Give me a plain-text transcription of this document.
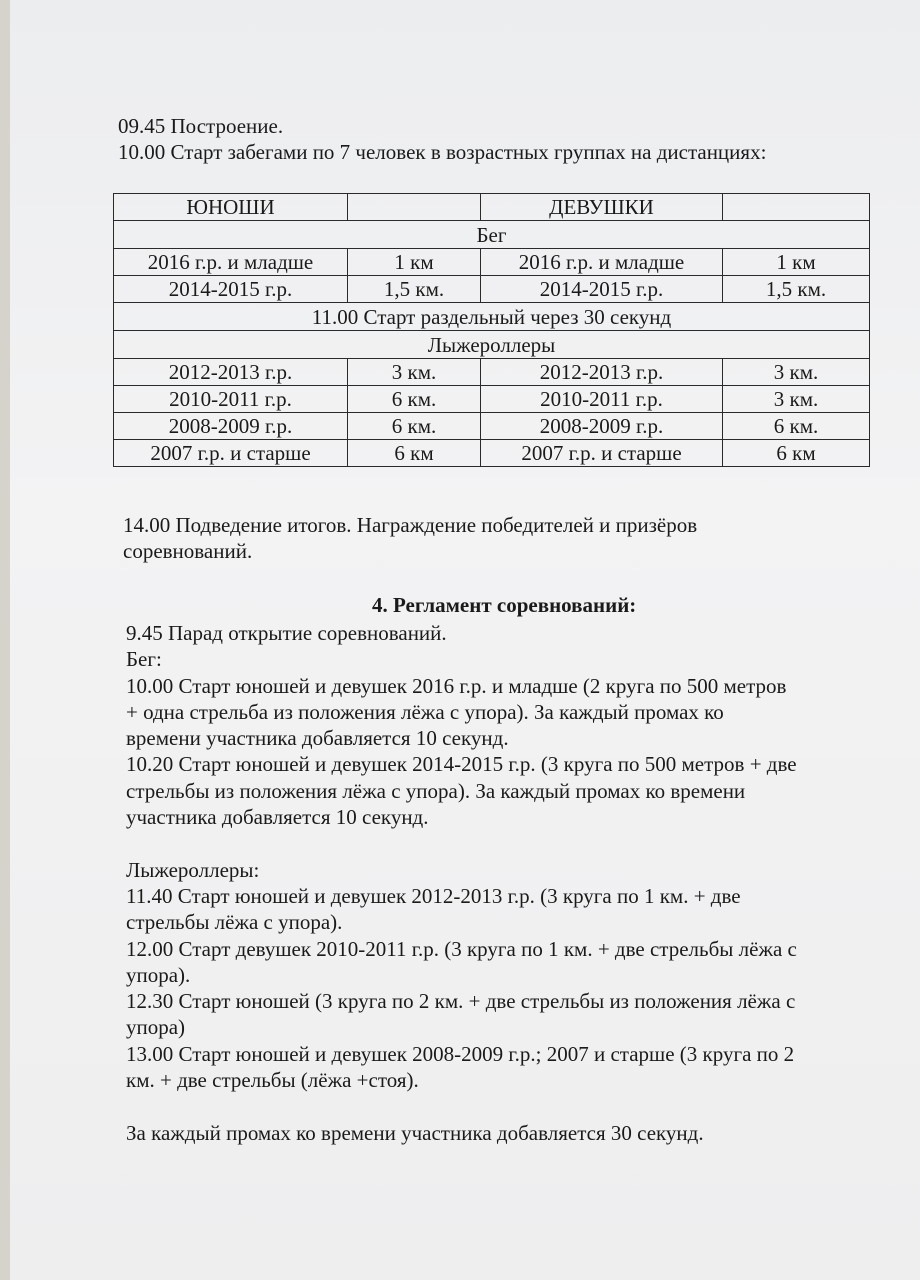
09.45 Построение.
10.00 Старт забегами по 7 человек в возрастных группах на дистанциях:
ЮНОШИ		ДЕВУШКИ	
Бег			
2016 г.р. и младше	1 км	2016 г.р. и младше	1 км
2014-2015 г.р.	1,5 км.	2014-2015 г.р.	1,5 км.
11.00 Старт раздельный через 30 секунд			
Лыжероллеры			
2012-2013 г.р.	3 км.	2012-2013 г.р.	3 км.
2010-2011 г.р.	6 км.	2010-2011 г.р.	3 км.
2008-2009 г.р.	6 км.	2008-2009 г.р.	6 км.
2007 г.р. и старше	6 км	2007 г.р. и старше	6 км
14.00 Подведение итогов. Награждение победителей и призёров
соревнований.
4. Регламент соревнований:
9.45 Парад открытие соревнований.
Бег:
10.00 Старт юношей и девушек 2016 г.р. и младше (2 круга по 500 метров
+ одна стрельба из положения лёжа с упора). За каждый промах ко
времени участника добавляется 10 секунд.
10.20 Старт юношей и девушек 2014-2015 г.р. (3 круга по 500 метров + две
стрельбы из положения лёжа с упора). За каждый промах ко времени
участника добавляется 10 секунд.

Лыжероллеры:
11.40 Старт юношей и девушек 2012-2013 г.р. (3 круга по 1 км. + две
стрельбы лёжа с упора).
12.00 Старт девушек 2010-2011 г.р. (3 круга по 1 км. + две стрельбы лёжа с
упора).
12.30 Старт юношей (3 круга по 2 км. + две стрельбы из положения лёжа с
упора)
13.00 Старт юношей и девушек 2008-2009 г.р.; 2007 и старше (3 круга по 2
км. + две стрельбы (лёжа +стоя).

За каждый промах ко времени участника добавляется 30 секунд.
